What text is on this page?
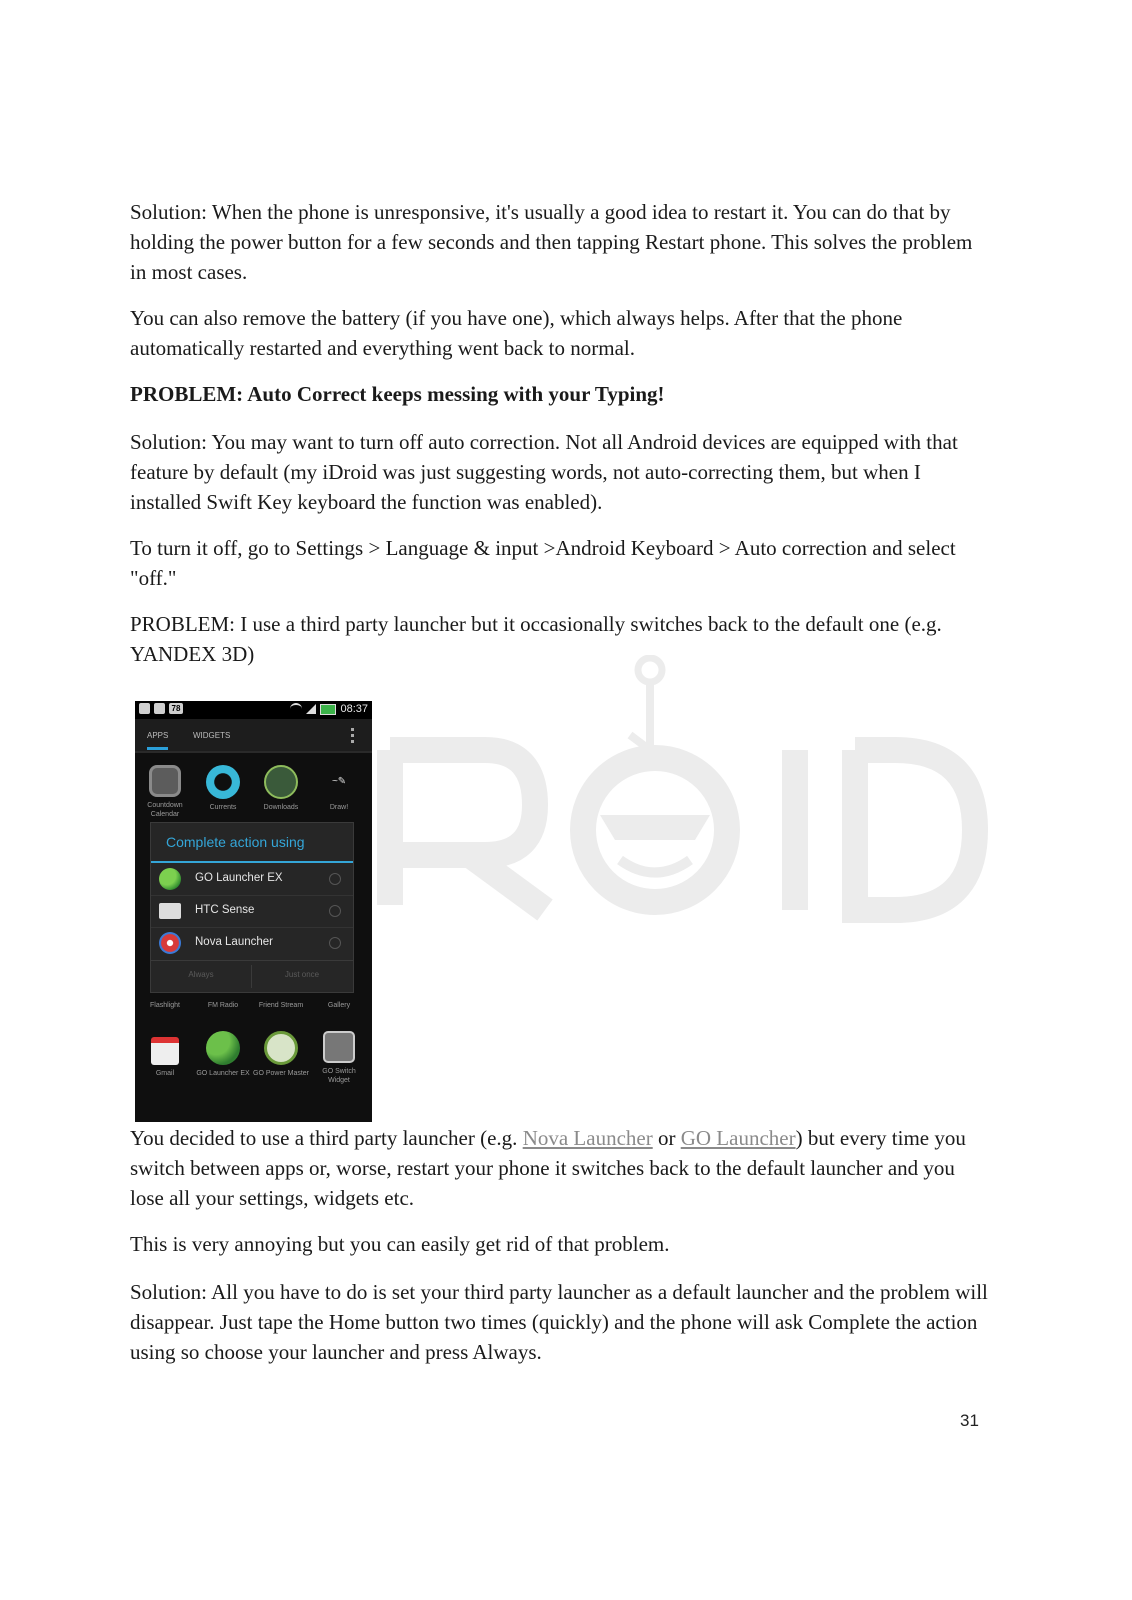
Solution: When the phone is unresponsive, it's usually a good idea to restart it. You can do that by holding the power button for a few seconds and then tapping Restart phone. This solves the problem in most cases.

You can also remove the battery (if you have one), which always helps. After that the phone automatically restarted and everything went back to normal.

PROBLEM: Auto Correct keeps messing with your Typing!

Solution: You may want to turn off auto correction. Not all Android devices are equipped with that feature by default (my iDroid was just suggesting words, not auto-correcting them, but when I installed Swift Key keyboard the function was enabled).

To turn it off, go to Settings > Language & input >Android Keyboard > Auto correction and select "off."

PROBLEM: I use a third party launcher but it occasionally switches back to the default one (e.g. YANDEX 3D)

78	08:37
APPS	WIDGETS
Countdown Calendar
Currents	Downloads
~✎
Draw!
Flashlight	FM Radio	Friend Stream	Gallery
Gmail	GO Launcher EX GO Power Master	GO Switch Widget
Complete action using
GO Launcher EX
HTC Sense
Nova Launcher
Always	Just once

You decided to use a third party launcher (e.g. Nova Launcher or GO Launcher) but every time you switch between apps or, worse, restart your phone it switches back to the default launcher and you lose all your settings, widgets etc.

This is very annoying but you can easily get rid of that problem.

Solution: All you have to do is set your third party launcher as a default launcher and the problem will disappear. Just tape the Home button two times (quickly) and the phone will ask Complete the action using so choose your launcher and press Always.

31
